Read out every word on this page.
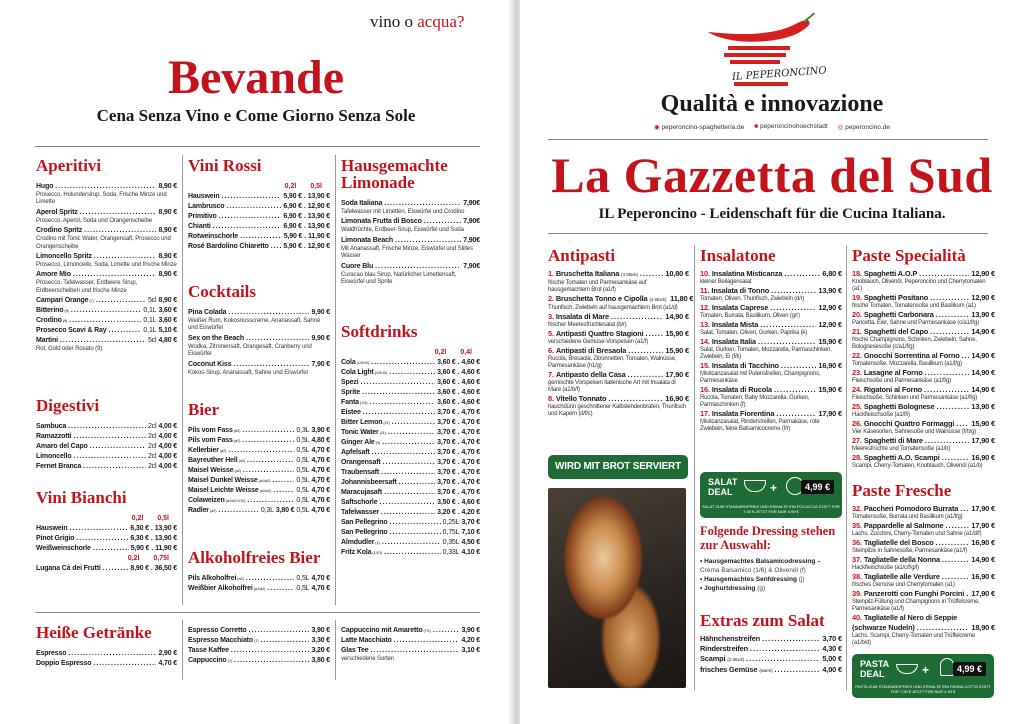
vino o acqua?
Bevande
Cena Senza Vino e Come Giorno Senza Sole
Aperitivi
Hugo .....	8,90 €
Prosecco, Holundersirup, Soda, Frische Minze und Limette
Aperol Spritz .....	8,90 €
Prosecco, Aperol, Soda und Orangenscheibe
Crodino Spritz .....	8,90 €
Crodino mit Tonic Water, Orangensaft, Prosecco und Orangenscheibe
Limoncello Spritz .....	8,90 €
Prosecco, Limoncello, Soda, Limette und frische Minze
Amore Mio .....	8,90 €
Prosecco, Tafelwasser, Erdbeere Sirup, Erdbeerscheiben und frische Minze
Campari Orange (7) .....	5cl 8,90 €
Bitterino (9) .....	0,1L 3,60 €
Crodino (9) .....	0,1L 3,60 €
Prosecco Scavi & Ray .....	0,1L 5,10 €
Martini .....	5cl 4,80 €
Rot, Gold oder Rosato (9)
Digestivi
Sambuca .....	2cl 4,00 €
Ramazzotti .....	2cl 4,00 €
Amaro del Capo .....	2cl 4,00 €
Limoncello .....	2cl 4,00 €
Fernet Branca .....	2cl 4,00 €
Vini Bianchi
0,2l 0,5l
Hauswein .....	6,30 € . 13,90 €
Pinot Grigio .....	6,30 € . 13,90 €
Weißweinschorle .....	5,90 € . 11,90 €
0,2l 0,75l
Lugana Cà dei Frutti .....	8,90 € . 36,50 €
Vini Rossi
0,2l 0,5l
Hauswein .....	5,90 € . 13,90 €
Lambrusco .....	6,90 € . 12,90 €
Primitivo .....	6,90 € . 13,90 €
Chianti .....	6,90 € . 13,90 €
Rotweinschorle .....	5,90 € . 11,90 €
Rosé Bardolino Chiaretto ..... 5,90 € . 12,90 €
Cocktails
Pina Colada .....	9,90 €
Weißer Rum, Kokosnusscreme, Ananassaft, Sahne und Eiswürfel
Sex on the Beach .....	9,90 €
Wodka, Zitronensaft, Orangesaft, Cranberry und Eiswürfel
Coconut Kiss .....	7,90 €
Kokos-Sirup, Ananassaft, Sahne und Eiswürfel
Bier
Pils vom Fass (a2) .....	0,3L 3,90 €
Pils vom Fass (a2) .....	0,5L 4,80 €
Kellerbier (a2) .....	0,5L 4,70 €
Bayreuther Hell (a2) .....	0,5L 4,70 €
Maisel Weisse (a2) .....	0,5L 4,70 €
Maisel Dunkel Weisse (a1/a2) .....	0,5L 4,70 €
Maisel Leichte Weisse (a1/a2) .....	0,5L 4,70 €
Colaweizen (a1/a2/1/10) .....	0,5L 4,70 €
Radler (a2) .....	0,3L 3,80 € 0,5L 4,70 €
Alkoholfreies Bier
Pils Alkoholfrei (a2) .....	0,5L 4,70 €
Weißbier Alkoholfrei (a1/a2) .....	0,5L 4,70 €
Hausgemachte Limonade
Soda Italiana .....	7,90€
Tafelwasser mit Limetten, Eiswürfel und Crodino
Limonata Frutta di Bosco .....	7,90€
Waldfrüchte, Erdbeer-Sirup, Eiswürfel und Soda
Limonata Beach .....	7,90€
Mit Ananassaft, Frische Minze, Eiswürfel und Stilles Wasser
Cuore Blu .....	7,90€
Curacao blau Sirup, Natürlicher Limettensaft, Eiswürfel und Sprite
Softdrinks
0,2l 0,4l
Cola (1/9/10) .....	3,60 € . 4,60 €
Cola Light (1/9/10) .....	3,60 € . 4,60 €
Spezi .....	3,60 € . 4,60 €
Sprite .....	3,60 € . 4,60 €
Fanta (1/3) .....	3,60 € . 4,60 €
Eistee .....	3,70 € . 4,70 €
Bitter Lemon (11) .....	3,70 € . 4,70 €
Tonic Water (11) .....	3,70 € . 4,70 €
Ginger Ale (9) .....	3,70 € . 4,70 €
Apfelsaft .....	3,70 € . 4,70 €
Orangensaft .....	3,70 € . 4,70 €
Traubensaft .....	3,70 € . 4,70 €
Johannisbeersaft .....	3,70 € . 4,70 €
Maracujasaft .....	3,70 € . 4,70 €
Saftschorle .....	3,50 € . 4,60 €
Tafelwasser .....	3,20 € . 4,20 €
San Pellegrino .....	0,25L 3,70 €
San Pellegrino .....	0,75L 7,10 €
Almdudler (1) .....	0,35L 4,50 €
Fritz Kola (1/10) .....	0,33L 4,10 €
Heiße Getränke
Espresso .....	2,90 €
Doppio Espresso .....	4,70 €
Espresso Corretto .....	3,90 €
Espresso Macchiato (7) .....	3,30 €
Tasse Kaffee .....	3,20 €
Cappuccino (7) .....	3,80 €
Cappuccino mit Amaretto (7/1) .....	3,90 €
Latte Macchiato .....	4,20 €
Glas Tee .....	3,10 €
verschiedene Sorten
IL PEPERONCINO
Qualità e innovazione
◉ peperoncino-spaghetteria.de ■ peperoncinohoechstadt ◎ peperoncino.de
La Gazzetta del Sud
IL Peperoncino - Leidenschaft für die Cucina Italiana.
Antipasti
1. Bruschetta Italiana (4 Stück) .....	10,80 €
frische Tomaten und Parmesankäse auf hausgemachtem Brot (a1/f)
2. Bruschetta Tonno e Cipolla (4 Stück) 11,80 €
Thunfisch, Zwiebeln auf hausgemachtem Brot (a1/d)
3. Insalata di Mare .....	14,90 €
frischer Meeresfrüchtesalat (b/r)
5. Antipasti Quattro Stagioni .....	15,90 €
verschiedene Gemüse-Vorspeisen (a1/f)
6. Antipasti di Bresaola .....	15,90 €
Rucola, Bresaola, Zitronnetten, Tomaten, Walnüsse, Parmesankäse (h1/g)
7. Antipasto della Casa .....	17,90 €
gemischte Vorspeisen Italienische Art mit Insalata di Mare (a1/b/f)
8. Vitello Tonnato .....	16,90 €
hauchdünn geschnittener Kalbslendenbraten, Thunfisch und Kapern (d/f/c)
WIRD MIT BROT SERVIERT
Insalatone
10. Insalatina Misticanza .....	6,80 €
kleiner Beilagensalat
11. Insalata di Tonno .....	13,90 €
Tomaten, Oliven, Thunfisch, Zwiebeln (d/r)
12. Insalata Caprese .....	12,90 €
Tomaten, Burrata, Basilikum, Oliven (g/r)
13. Insalata Mista .....	12,90 €
Salat, Tomaten, Oliven, Gurken, Paprika (k)
14. Insalata Italia .....	15,90 €
Salat, Gurken, Tomaten, Mozzarella, Parmaschinken, Zwiebeln, Ei (f/k)
15. Insalata di Tacchino .....	16,90 €
Misticanzasalat mit Putenstreifen, Champignons, Parmesankäse
16. Insalata di Rucola .....	15,90 €
Rucola, Tomaten, Baby Mozzarella, Gurken, Parmaschinken (f)
17. Insalata Fiorentina .....	17,90 €
Misticanzasalat, Rinderstreifen, Parmakäse, rote Zwiebeln, feine Balsamicocreme (f/r)
SALAT DEAL	+	4,99 €
SALAT ZUM STANDARDPREIS UND ERHALTE EIN FOCACCIA STATT FÜR 7,00 € JETZT FÜR NUR 4,99 €
Folgende Dressing stehen zur Auswahl:
• Hausgemachtes Balsamicodressing – Crema Balsamico (1/6) & Olivenöl (f)
• Hausgemachtes Senfdressing (j)
• Joghurtdressing (g)
Extras zum Salat
Hähnchenstreifen .....	3,70 €
Rinderstreifen .....	4,30 €
Scampi (2 Stück) .....	5,00 €
frisches Gemüse (warm) .....	4,00 €
Paste Specialità
18. Spaghetti A.O.P .....	12,90 €
Knoblauch, Olivenöl, Peperoncino und Cherrytomaten (a1)
19. Spaghetti Positano .....	12,90 €
frische Tomaten, Tomatensoße und Basilikum (a1)
20. Spaghetti Carbonara .....	13,90 €
Pancetta, Eier, Sahne und Parmesankäse (c/a1/f/g)
21. Spaghetti del Capo .....	14,90 €
frische Champignons, Schinken, Zwiebeln, Sahne, Bolognesesoße (c/a1/f/g)
22. Gnocchi Sorrentina al Forno ..... 14,90 €
Tomatensoße, Mozzarella, Basilikum (a1/f/g)
23. Lasagne al Forno .....	14,90 €
Fleischsoße und Parmesankäse (a1/f/g)
24. Rigatoni al Forno .....	14,90 €
Fleischsoße, Schinken und Parmesankäse (a1/f/g)
25. Spaghetti Bolognese .....	13,90 €
Hackfleischsoße (a1/f/l)
26. Gnocchi Quattro Formaggi ..... 15,90 €
Vier Käsesorten, Sahnesoße und Walnüsse (f/h/g)
27. Spaghetti di Mare .....	17,90 €
Meeresfrüchte und Tomatensoße (a1/b)
28. Spaghetti A.O. Scampi .....	16,90 €
Scampi, Cherry-Tomaten, Knoblauch, Olivenöl (a1/b)
Paste Fresche
32. Paccheri Pomodoro Burrata ..... 17,90 €
Tomatensoße, Burrata und Basilikum (a1/f/g)
35. Pappardelle al Salmone .....	17,90 €
Lachs, Zucchini, Cherry-Tomaten und Sahne (a1/d/f)
36. Tagliatelle del Bosco .....	16,90 €
Steinpilze in Sahnesoße, Parmesankäse (a1/f)
37. Tagliatelle della Nonna .....	14,90 €
Hackfleischsoße (a1/c/f/g/l)
38. Tagliatelle alle Verdure .....	16,90 €
frisches Gemüse und Cherrytomaten (a1)
39. Panzerotti con Funghi Porcini ..... 17,90 €
Steinpilz-Füllung und Champignons in Trüffelcreme, Parmesankäse (a1/f)
40. Tagliatelle al Nero di Seppie
(schwarze Nudeln) .....	18,90 €
Lachs, Scampi, Cherry-Tomaten und Trüffelcreme (a1/b/d)
PASTA DEAL	+	4,99 €
PASTA ZUM STANDARDPREIS UND ERHALTE EIN PANNA COTTA STATT FÜR 7,90 € JETZT FÜR NUR 4,99 €
